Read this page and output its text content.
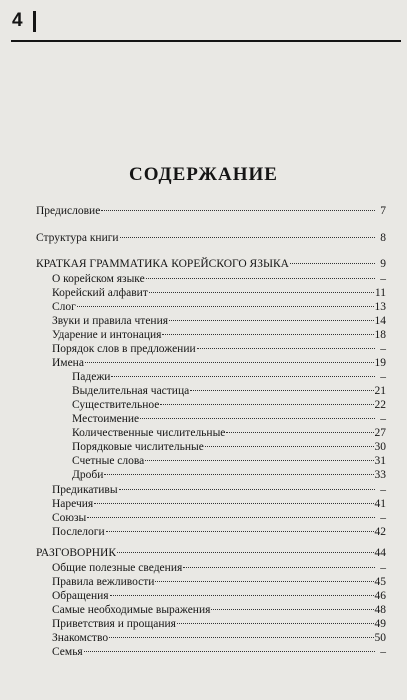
4
СОДЕРЖАНИЕ
Предисловие	7
Структура книги	8
КРАТКАЯ ГРАММАТИКА КОРЕЙСКОГО ЯЗЫКА	9
О корейском языке	–
Корейский алфавит	11
Слог	13
Звуки и правила чтения	14
Ударение и интонация	18
Порядок слов в предложении	–
Имена	19
Падежи	–
Выделительная частица	21
Существительное	22
Местоимение	–
Количественные числительные	27
Порядковые числительные	30
Счетные слова	31
Дроби	33
Предикативы	–
Наречия	41
Союзы	–
Послелоги	42
РАЗГОВОРНИК	44
Общие полезные сведения	–
Правила вежливости	45
Обращения	46
Самые необходимые выражения	48
Приветствия и прощания	49
Знакомство	50
Семья	–
